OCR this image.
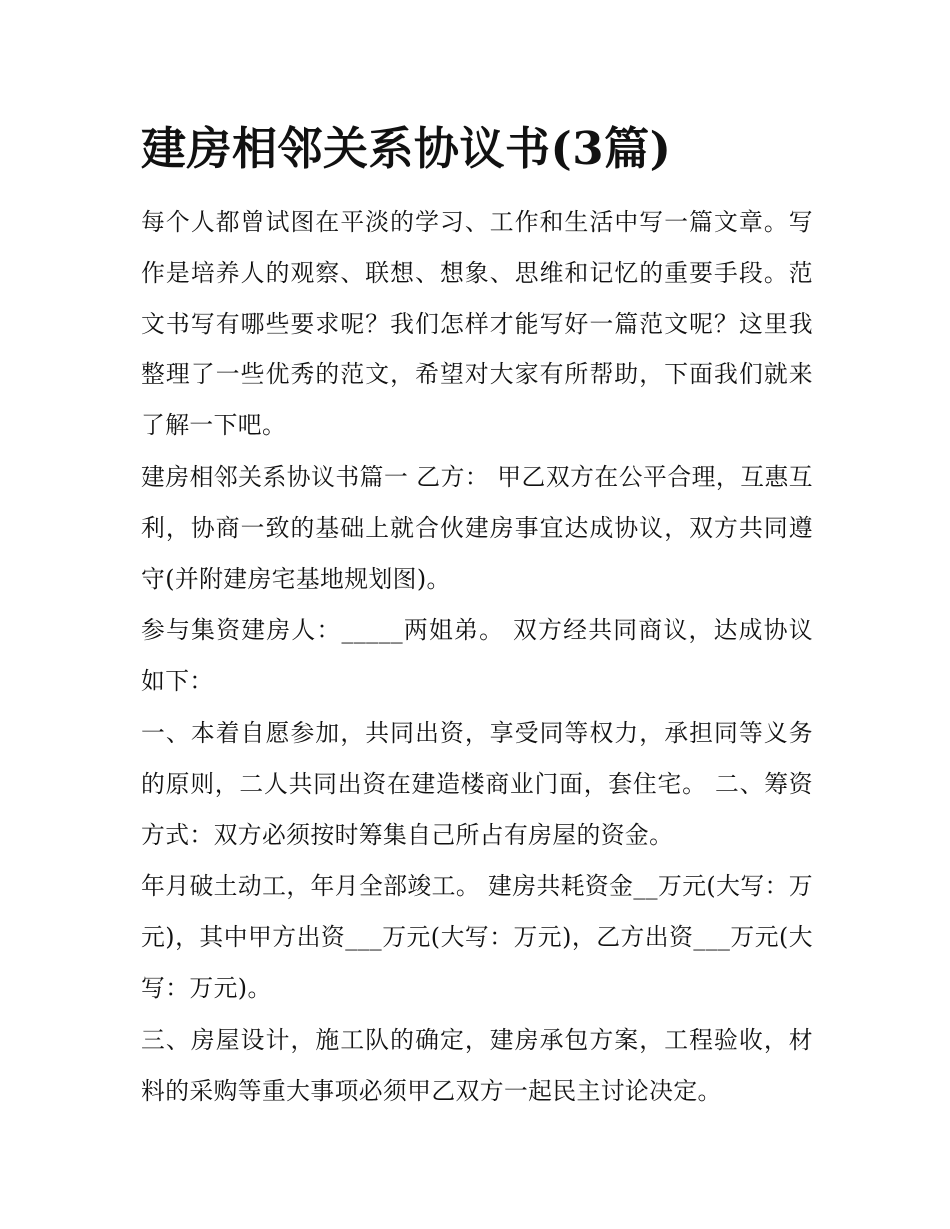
建房相邻关系协议书(3篇)

每个人都曾试图在平淡的学习、工作和生活中写一篇文章。写作是培养人的观察、联想、想象、思维和记忆的重要手段。范文书写有哪些要求呢？我们怎样才能写好一篇范文呢？这里我整理了一些优秀的范文，希望对大家有所帮助，下面我们就来了解一下吧。

建房相邻关系协议书篇一 乙方： 甲乙双方在公平合理，互惠互利，协商一致的基础上就合伙建房事宜达成协议，双方共同遵守(并附建房宅基地规划图)。

参与集资建房人：_____两姐弟。 双方经共同商议，达成协议如下：

一、本着自愿参加，共同出资，享受同等权力，承担同等义务的原则，二人共同出资在建造楼商业门面，套住宅。 二、筹资方式：双方必须按时筹集自己所占有房屋的资金。

年月破土动工，年月全部竣工。 建房共耗资金__万元(大写：万元)，其中甲方出资___万元(大写：万元)，乙方出资___万元(大写：万元)。

三、房屋设计，施工队的确定，建房承包方案，工程验收，材料的采购等重大事项必须甲乙双方一起民主讨论决定。
